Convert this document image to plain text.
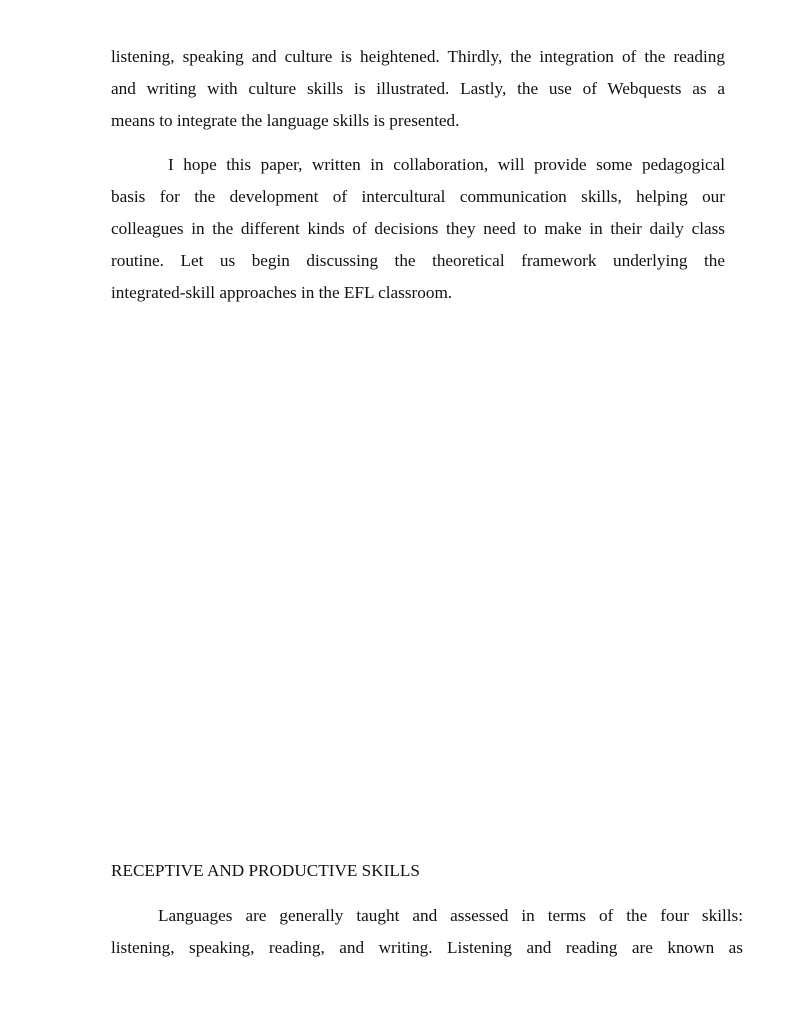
listening, speaking and culture is heightened. Thirdly, the integration of the reading
and writing with culture skills is illustrated. Lastly, the use of Webquests as a
means to integrate the language skills is presented.
I hope this paper, written in collaboration, will provide some pedagogical
basis for the development of intercultural communication skills, helping our
colleagues in the different kinds of decisions they need to make in their daily class
routine. Let us begin discussing the theoretical framework underlying the
integrated-skill approaches in the EFL classroom.
RECEPTIVE AND PRODUCTIVE SKILLS
Languages are generally taught and assessed in terms of the four skills:
listening, speaking, reading, and writing. Listening and reading are known as
